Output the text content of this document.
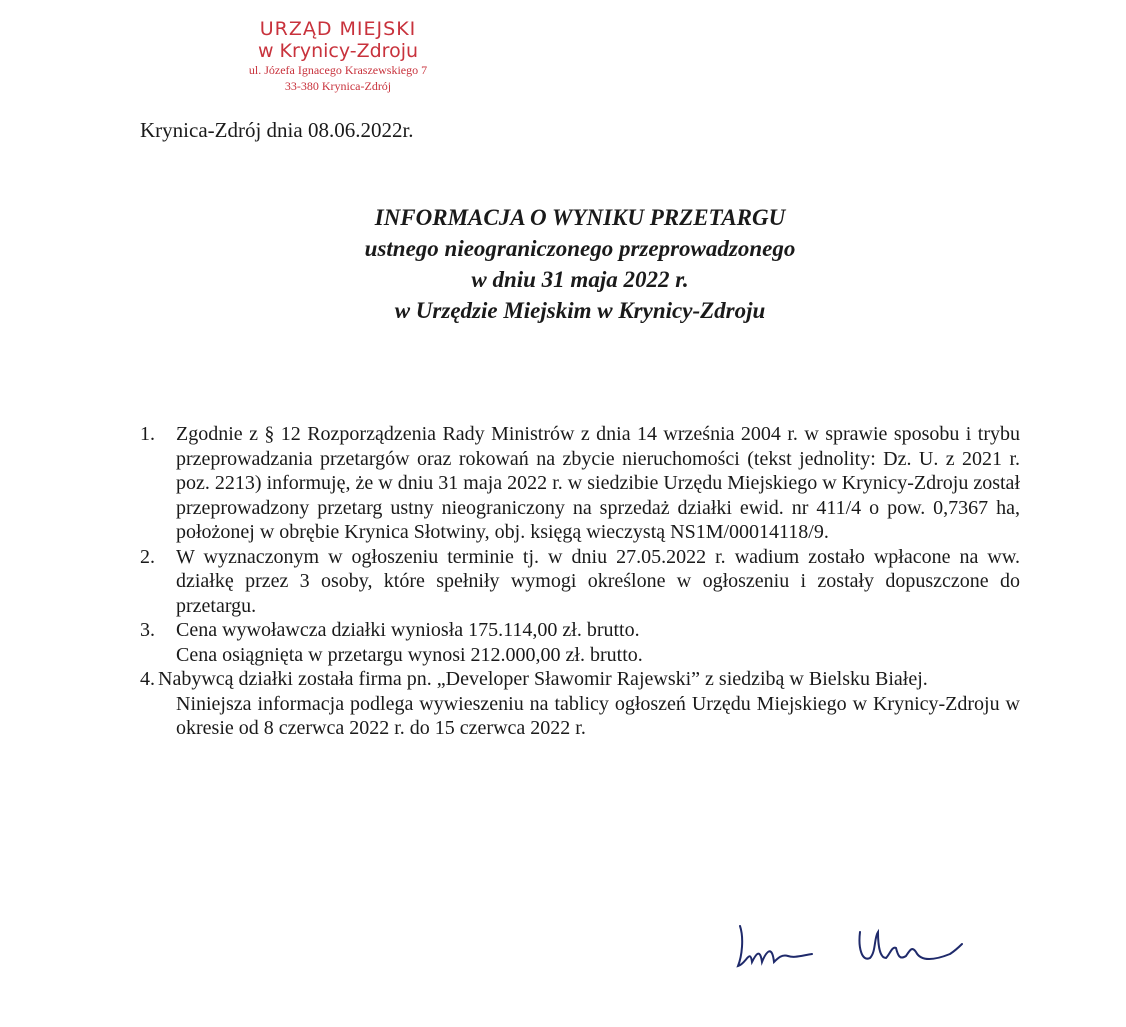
URZĄD MIEJSKI
w Krynicy-Zdroju
ul. Józefa Ignacego Kraszewskiego 7
33-380 Krynica-Zdrój
Krynica-Zdrój dnia 08.06.2022r.
INFORMACJA O WYNIKU PRZETARGU
ustnego nieograniczonego przeprowadzonego
w dniu 31 maja 2022 r.
w Urzędzie Miejskim w Krynicy-Zdroju
1. Zgodnie z § 12 Rozporządzenia Rady Ministrów z dnia 14 września 2004 r. w sprawie sposobu i trybu przeprowadzania przetargów oraz rokowań na zbycie nieruchomości (tekst jednolity: Dz. U. z 2021 r. poz. 2213) informuję, że w dniu 31 maja 2022 r. w siedzibie Urzędu Miejskiego w Krynicy-Zdroju został przeprowadzony przetarg ustny nieograniczony na sprzedaż działki ewid. nr 411/4 o pow. 0,7367 ha, położonej w obrębie Krynica Słotwiny, obj. księgą wieczystą NS1M/00014118/9.
2. W wyznaczonym w ogłoszeniu terminie tj. w dniu 27.05.2022 r. wadium zostało wpłacone na ww. działkę przez 3 osoby, które spełniły wymogi określone w ogłoszeniu i zostały dopuszczone do przetargu.
3. Cena wywoławcza działki wyniosła 175.114,00 zł. brutto.
Cena osiągnięta w przetargu wynosi 212.000,00 zł. brutto.
4. Nabywcą działki została firma pn. „Developer Sławomir Rajewski” z siedzibą w Bielsku Białej.
Niniejsza informacja podlega wywieszeniu na tablicy ogłoszeń Urzędu Miejskiego w Krynicy-Zdroju w okresie od 8 czerwca 2022 r. do 15 czerwca 2022 r.
